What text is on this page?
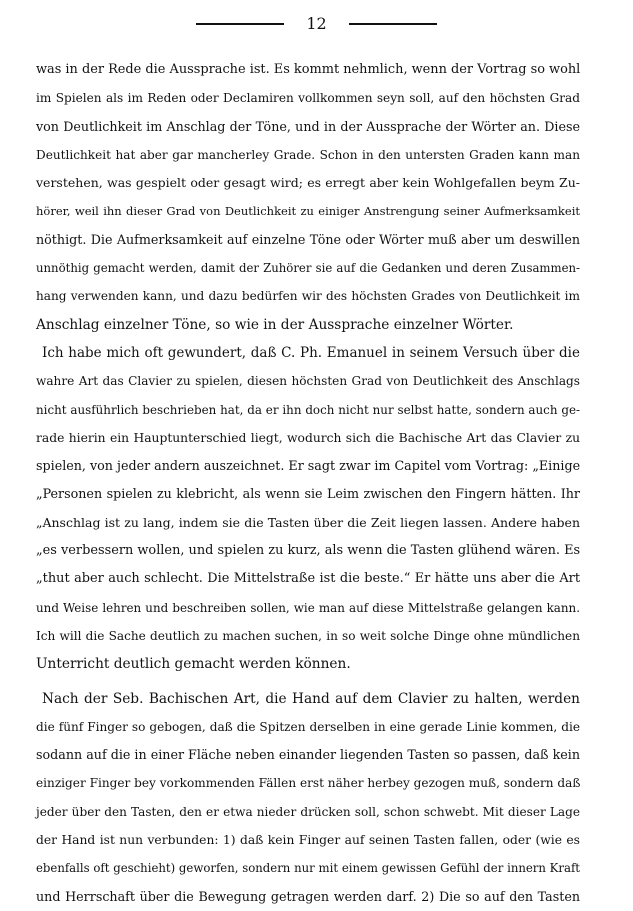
12
was in der Rede die Aussprache ist. Es kommt nehmlich, wenn der Vortrag so wohl
im Spielen als im Reden oder Declamiren vollkommen seyn soll, auf den höchsten Grad
von Deutlichkeit im Anschlag der Töne, und in der Aussprache der Wörter an. Diese
Deutlichkeit hat aber gar mancherley Grade. Schon in den untersten Graden kann man
verstehen, was gespielt oder gesagt wird; es erregt aber kein Wohlgefallen beym Zu-
hörer, weil ihn dieser Grad von Deutlichkeit zu einiger Anstrengung seiner Aufmerksamkeit
nöthigt. Die Aufmerksamkeit auf einzelne Töne oder Wörter muß aber um deswillen
unnöthig gemacht werden, damit der Zuhörer sie auf die Gedanken und deren Zusammen-
hang verwenden kann, und dazu bedürfen wir des höchsten Grades von Deutlichkeit im
Anschlag einzelner Töne, so wie in der Aussprache einzelner Wörter.
Ich habe mich oft gewundert, daß C. Ph. Emanuel in seinem Versuch über die
wahre Art das Clavier zu spielen, diesen höchsten Grad von Deutlichkeit des Anschlags
nicht ausführlich beschrieben hat, da er ihn doch nicht nur selbst hatte, sondern auch ge-
rade hierin ein Hauptunterschied liegt, wodurch sich die Bachische Art das Clavier zu
spielen, von jeder andern auszeichnet. Er sagt zwar im Capitel vom Vortrag: „Einige
„Personen spielen zu klebricht, als wenn sie Leim zwischen den Fingern hätten. Ihr
„Anschlag ist zu lang, indem sie die Tasten über die Zeit liegen lassen. Andere haben
„es verbessern wollen, und spielen zu kurz, als wenn die Tasten glühend wären. Es
„thut aber auch schlecht. Die Mittelstraße ist die beste.“ Er hätte uns aber die Art
und Weise lehren und beschreiben sollen, wie man auf diese Mittelstraße gelangen kann.
Ich will die Sache deutlich zu machen suchen, in so weit solche Dinge ohne mündlichen
Unterricht deutlich gemacht werden können.
Nach der Seb. Bachischen Art, die Hand auf dem Clavier zu halten, werden
die fünf Finger so gebogen, daß die Spitzen derselben in eine gerade Linie kommen, die
sodann auf die in einer Fläche neben einander liegenden Tasten so passen, daß kein
einziger Finger bey vorkommenden Fällen erst näher herbey gezogen muß, sondern daß
jeder über den Tasten, den er etwa nieder drücken soll, schon schwebt. Mit dieser Lage
der Hand ist nun verbunden: 1) daß kein Finger auf seinen Tasten fallen, oder (wie es
ebenfalls oft geschieht) geworfen, sondern nur mit einem gewissen Gefühl der innern Kraft
und Herrschaft über die Bewegung getragen werden darf. 2) Die so auf den Tasten
